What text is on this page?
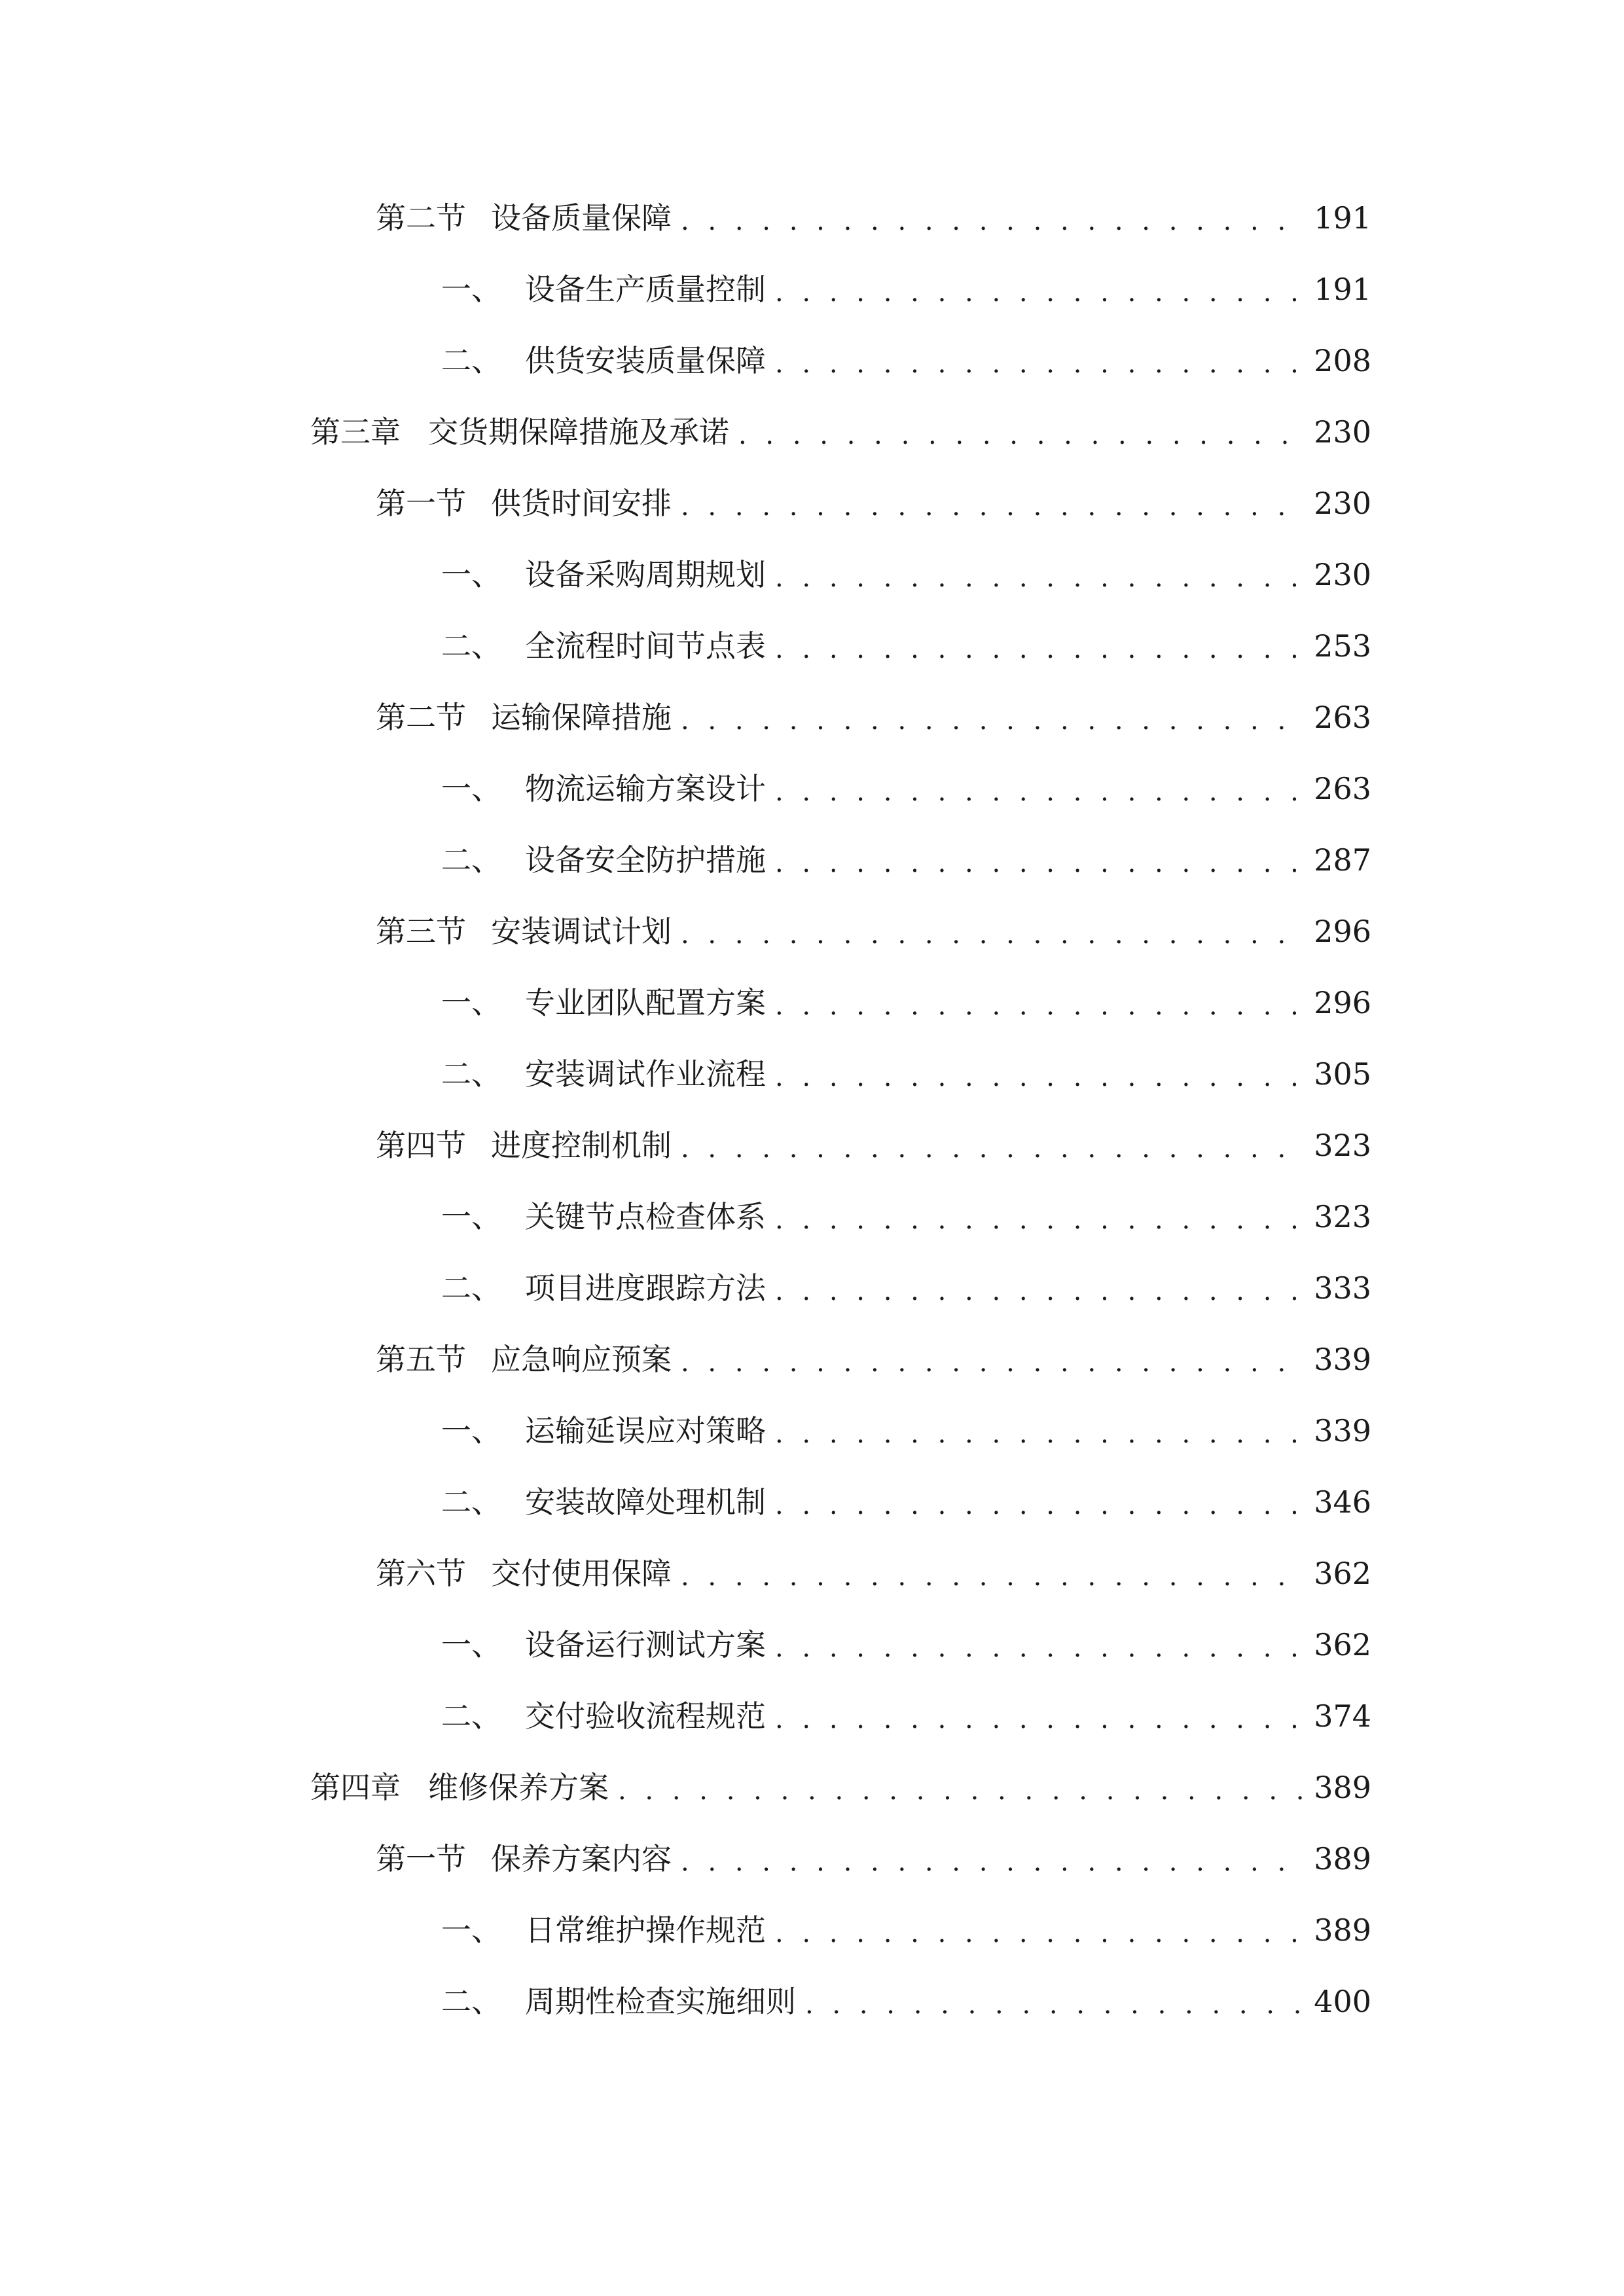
第二节 设备质量保障 . . .	191
一、 设备生产质量控制 . . .	191
二、 供货安装质量保障 . . .	208
第三章 交货期保障措施及承诺 . . .	230
第一节 供货时间安排 . . .	230
一、 设备采购周期规划 . . .	230
二、 全流程时间节点表 . . .	253
第二节 运输保障措施 . . .	263
一、 物流运输方案设计 . . .	263
二、 设备安全防护措施 . . .	287
第三节 安装调试计划 . . .	296
一、 专业团队配置方案 . . .	296
二、 安装调试作业流程 . . .	305
第四节 进度控制机制 . . .	323
一、 关键节点检查体系 . . .	323
二、 项目进度跟踪方法 . . .	333
第五节 应急响应预案 . . .	339
一、 运输延误应对策略 . . .	339
二、 安装故障处理机制 . . .	346
第六节 交付使用保障 . . .	362
一、 设备运行测试方案 . . .	362
二、 交付验收流程规范 . . .	374
第四章 维修保养方案 . . .	389
第一节 保养方案内容 . . .	389
一、 日常维护操作规范 . . .	389
二、 周期性检查实施细则 . . .	400
